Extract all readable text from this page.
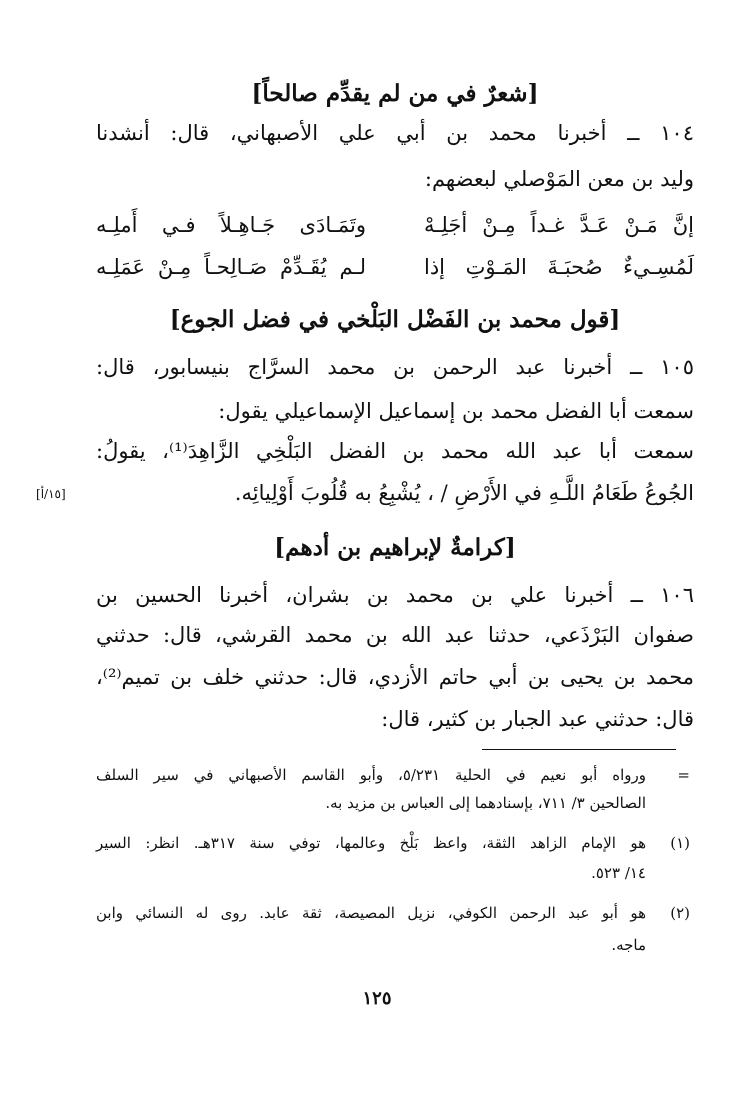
[شعرٌ في من لم يقدِّم صالحاً]
١٠٤ ــ أخبرنا محمد بن أبي علي الأصبهاني، قال: أنشدنا
وليد بن معن المَوْصلي لبعضهم:
إنَّ مَـنْ عَـدَّ غـداً مِـنْ أجَلِـهْ
وتَمَـادَى جَـاهِـلاً فـي أَملِـه
لَمُسِـيءٌ صُحبَـةَ المَـوْتِ إذا
لـم يُقَـدِّمْ صَـالِحـاً مِـنْ عَمَلِـه
[قول محمد بن الفَضْل البَلْخي في فضل الجوع]
١٠٥ ــ أخبرنا عبد الرحمن بن محمد السرَّاج بنيسابور، قال:
سمعت أبا الفضل محمد بن إسماعيل الإسماعيلي يقول:
سمعت أبا عبد الله محمد بن الفضل البَلْخِي الزَّاهِدَ⁽¹⁾، يقولُ:
الجُوعُ طَعَامُ اللَّـهِ في الأَرْضِ / ، يُشْبِعُ به قُلُوبَ أَوْلِيائِه.
[١٥/أ]
[كرامةٌ لإبراهيم بن أدهم]
١٠٦ ــ أخبرنا علي بن محمد بن بشران، أخبرنا الحسين بن
صفوان البَرْذَعي، حدثنا عبد الله بن محمد القرشي، قال: حدثني
محمد بن يحيى بن أبي حاتم الأزدي، قال: حدثني خلف بن تميم⁽²⁾،
قال: حدثني عبد الجبار بن كثير، قال:
=
ورواه أبو نعيم في الحلية ٥/٢٣١، وأبو القاسم الأصبهاني في سير السلف
الصالحين ٣/ ٧١١، بإسنادهما إلى العباس بن مزيد به.
(١)
هو الإمام الزاهد الثقة، واعظ بَلْخ وعالمها، توفي سنة ٣١٧هـ. انظر: السير
١٤/ ٥٢٣.
(٢)
هو أبو عبد الرحمن الكوفي، نزيل المصيصة، ثقة عابد. روى له النسائي وابن
ماجه.
١٢٥
